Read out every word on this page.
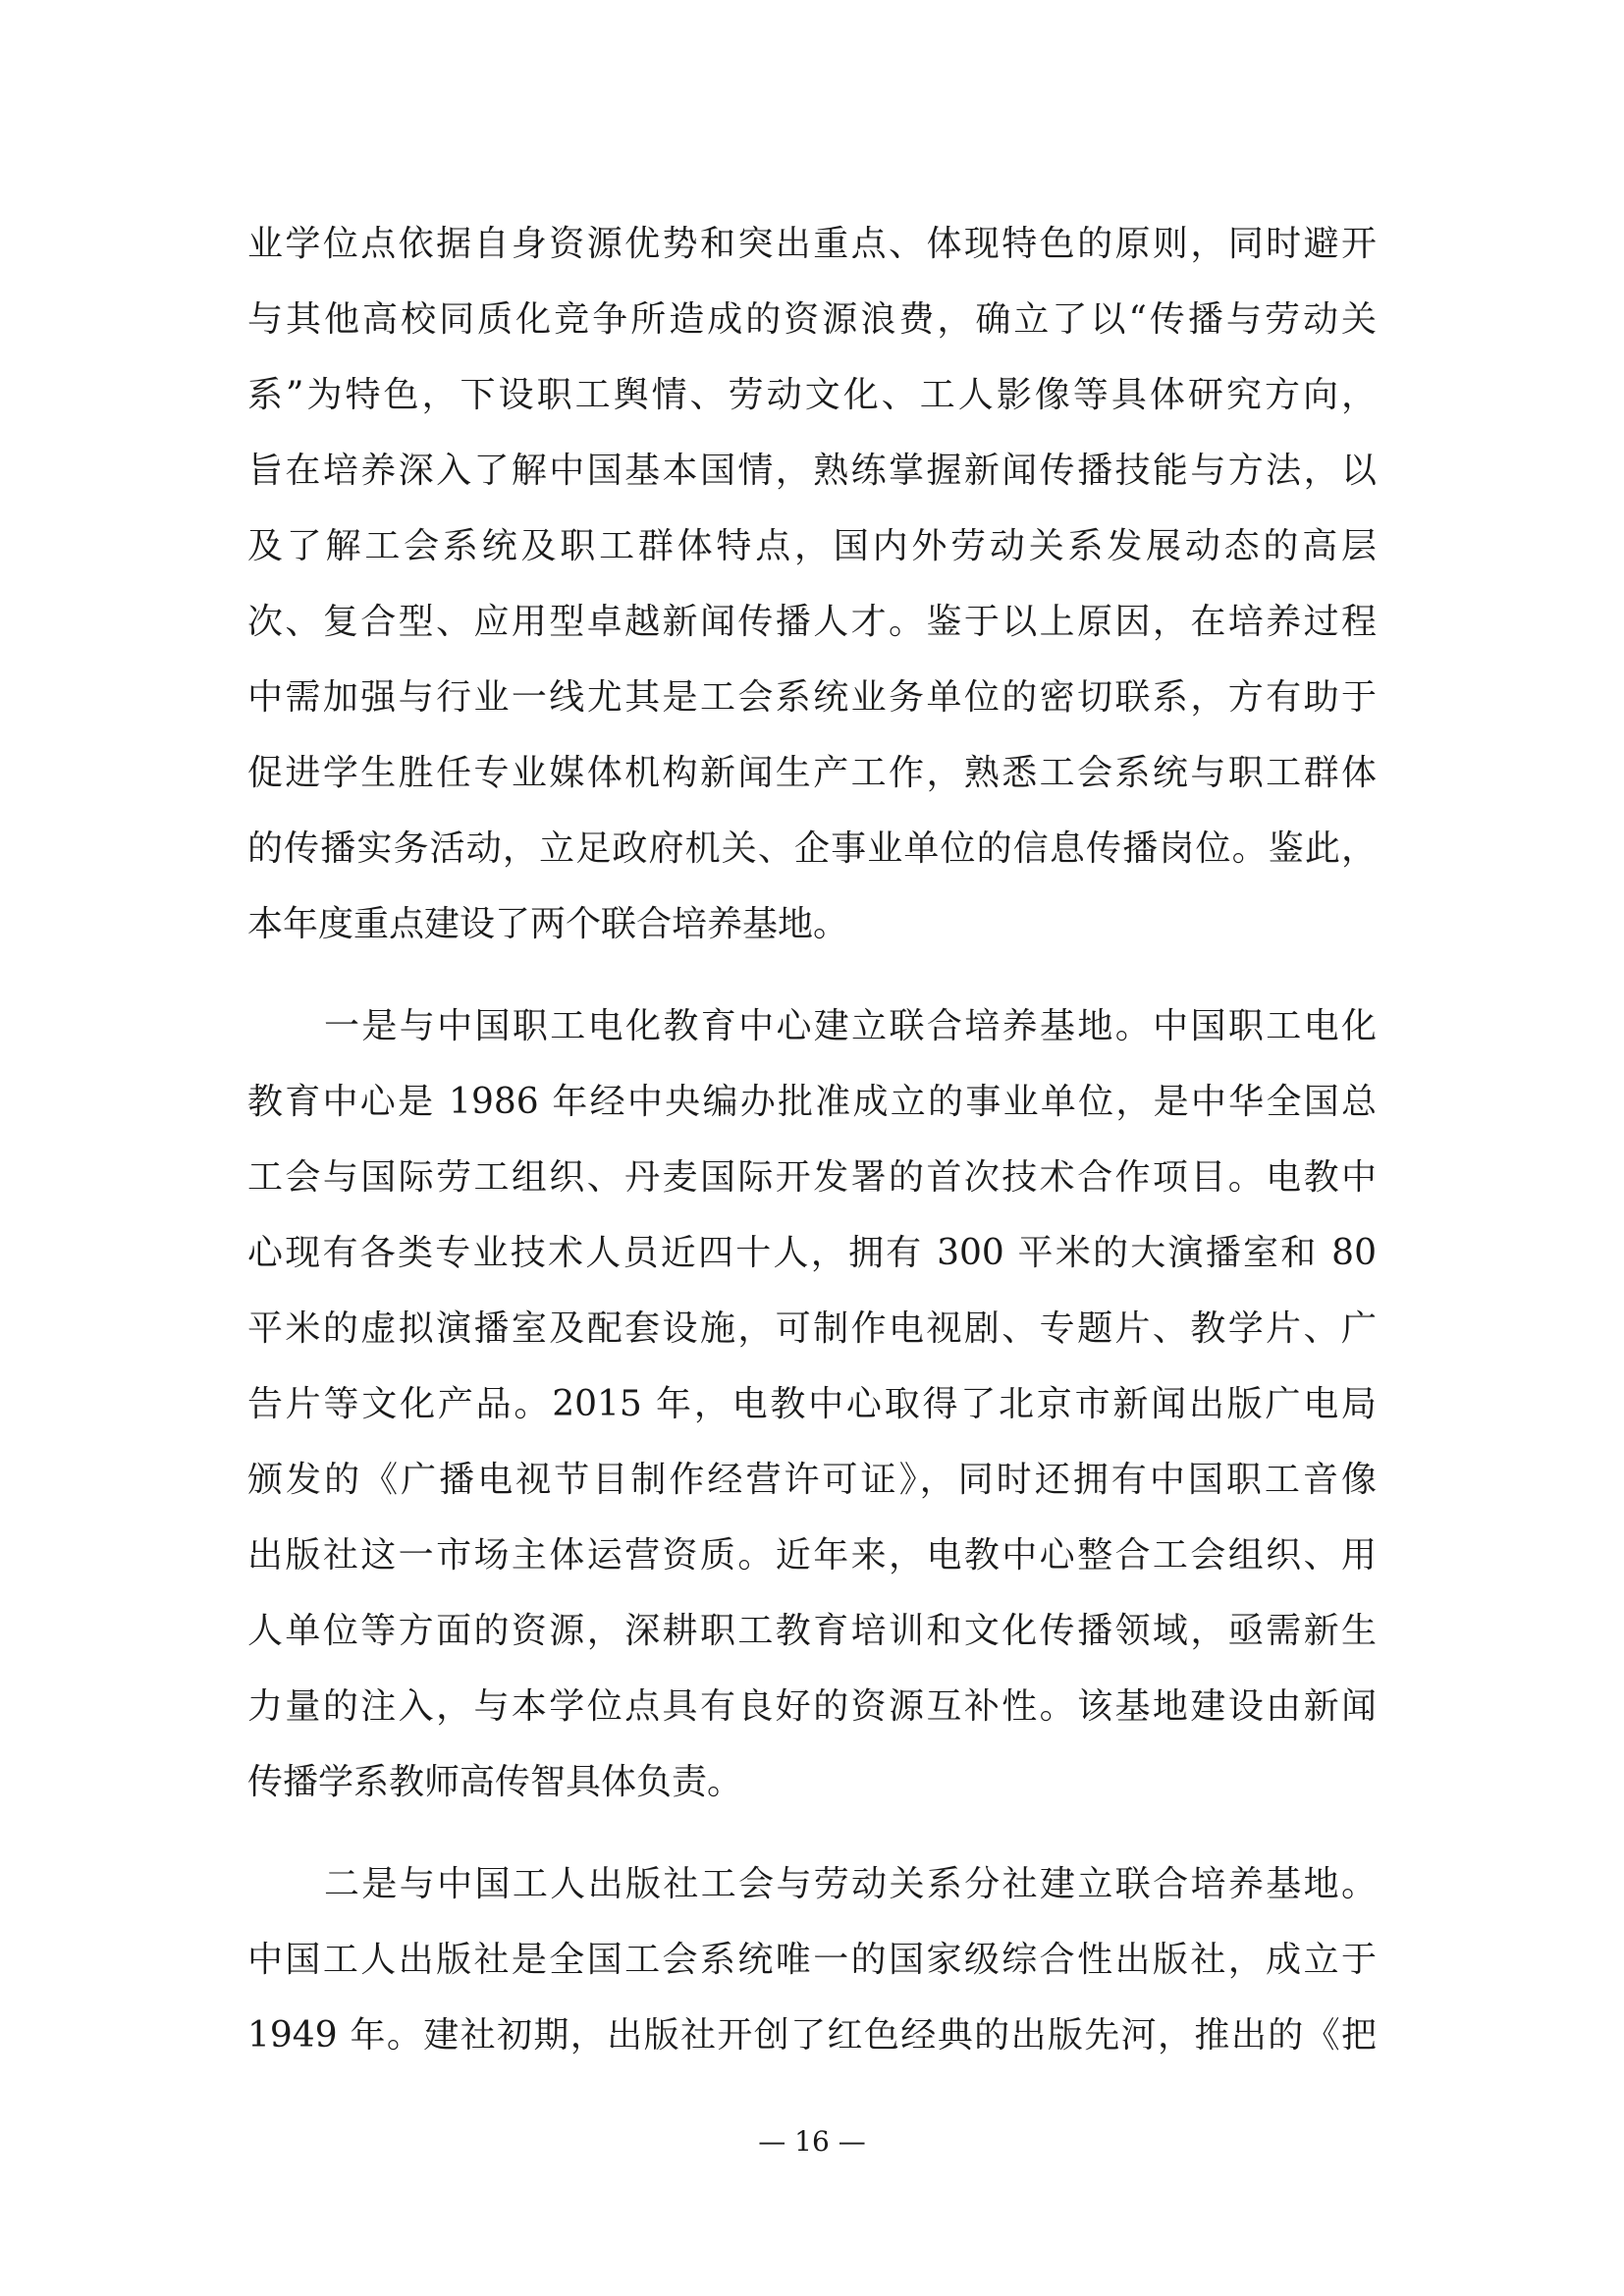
业学位点依据自身资源优势和突出重点、体现特色的原则，同时避开
与其他高校同质化竞争所造成的资源浪费，确立了以“传播与劳动关
系”为特色，下设职工舆情、劳动文化、工人影像等具体研究方向，
旨在培养深入了解中国基本国情，熟练掌握新闻传播技能与方法，以
及了解工会系统及职工群体特点，国内外劳动关系发展动态的高层
次、复合型、应用型卓越新闻传播人才。鉴于以上原因，在培养过程
中需加强与行业一线尤其是工会系统业务单位的密切联系，方有助于
促进学生胜任专业媒体机构新闻生产工作，熟悉工会系统与职工群体
的传播实务活动，立足政府机关、企事业单位的信息传播岗位。鉴此，
本年度重点建设了两个联合培养基地。
一是与中国职工电化教育中心建立联合培养基地。中国职工电化
教育中心是 1986 年经中央编办批准成立的事业单位，是中华全国总
工会与国际劳工组织、丹麦国际开发署的首次技术合作项目。电教中
心现有各类专业技术人员近四十人，拥有 300 平米的大演播室和 80
平米的虚拟演播室及配套设施，可制作电视剧、专题片、教学片、广
告片等文化产品。2015 年，电教中心取得了北京市新闻出版广电局
颁发的《广播电视节目制作经营许可证》，同时还拥有中国职工音像
出版社这一市场主体运营资质。近年来，电教中心整合工会组织、用
人单位等方面的资源，深耕职工教育培训和文化传播领域，亟需新生
力量的注入，与本学位点具有良好的资源互补性。该基地建设由新闻
传播学系教师高传智具体负责。
二是与中国工人出版社工会与劳动关系分社建立联合培养基地。
中国工人出版社是全国工会系统唯一的国家级综合性出版社，成立于
1949 年。建社初期，出版社开创了红色经典的出版先河，推出的《把
— 16 —
